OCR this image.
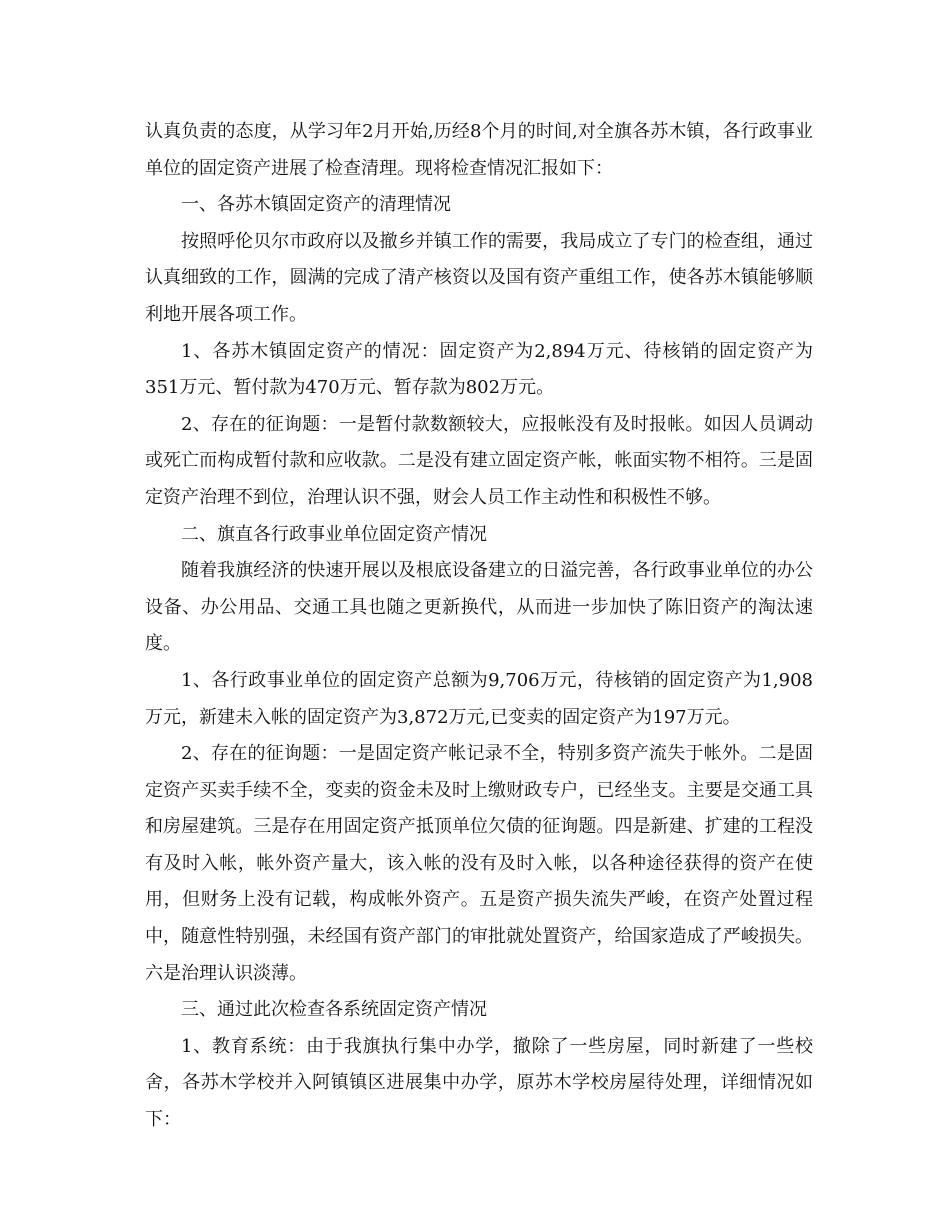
认真负责的态度，从学习年2月开始,历经8个月的时间,对全旗各苏木镇，各行政事业单位的固定资产进展了检查清理。现将检查情况汇报如下：

一、各苏木镇固定资产的清理情况

按照呼伦贝尔市政府以及撤乡并镇工作的需要，我局成立了专门的检查组，通过认真细致的工作，圆满的完成了清产核资以及国有资产重组工作，使各苏木镇能够顺利地开展各项工作。

1、各苏木镇固定资产的情况：固定资产为2,894万元、待核销的固定资产为351万元、暂付款为470万元、暂存款为802万元。

2、存在的征询题：一是暂付款数额较大，应报帐没有及时报帐。如因人员调动或死亡而构成暂付款和应收款。二是没有建立固定资产帐，帐面实物不相符。三是固定资产治理不到位，治理认识不强，财会人员工作主动性和积极性不够。

二、旗直各行政事业单位固定资产情况

随着我旗经济的快速开展以及根底设备建立的日溢完善，各行政事业单位的办公设备、办公用品、交通工具也随之更新换代，从而进一步加快了陈旧资产的淘汰速度。

1、各行政事业单位的固定资产总额为9,706万元，待核销的固定资产为1,908万元，新建未入帐的固定资产为3,872万元,已变卖的固定资产为197万元。

2、存在的征询题：一是固定资产帐记录不全，特别多资产流失于帐外。二是固定资产买卖手续不全，变卖的资金未及时上缴财政专户，已经坐支。主要是交通工具和房屋建筑。三是存在用固定资产抵顶单位欠债的征询题。四是新建、扩建的工程没有及时入帐，帐外资产量大，该入帐的没有及时入帐，以各种途径获得的资产在使用，但财务上没有记载，构成帐外资产。五是资产损失流失严峻，在资产处置过程中，随意性特别强，未经国有资产部门的审批就处置资产，给国家造成了严峻损失。六是治理认识淡薄。

三、通过此次检查各系统固定资产情况

1、教育系统：由于我旗执行集中办学，撤除了一些房屋，同时新建了一些校舍，各苏木学校并入阿镇镇区进展集中办学，原苏木学校房屋待处理，详细情况如下：
